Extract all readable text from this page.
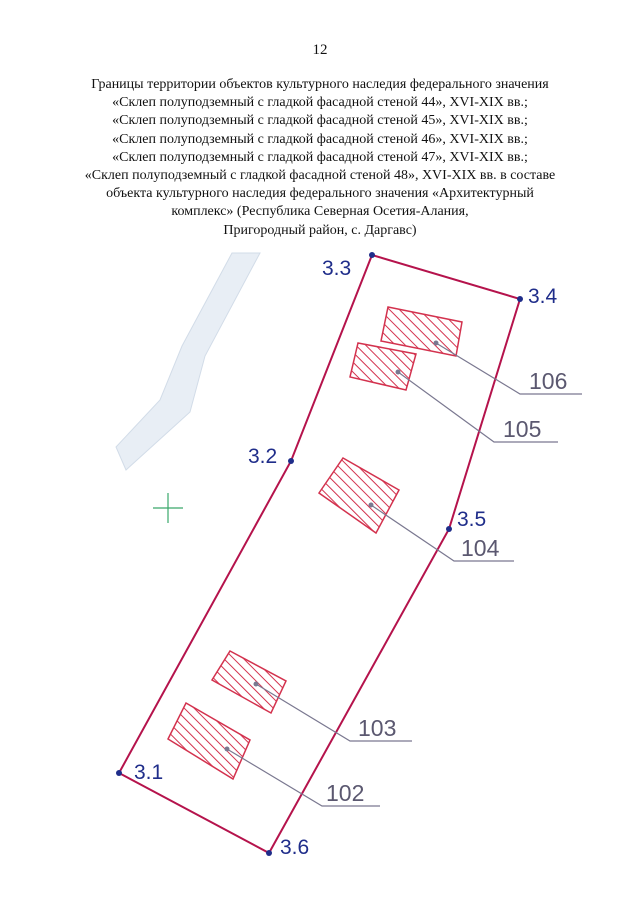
12
Границы территории объектов культурного наследия федерального значения
«Склеп полуподземный с гладкой фасадной стеной 44», XVI-XIX вв.;
«Склеп полуподземный с гладкой фасадной стеной 45», XVI-XIX вв.;
«Склеп полуподземный с гладкой фасадной стеной 46», XVI-XIX вв.;
«Склеп полуподземный с гладкой фасадной стеной 47», XVI-XIX вв.;
«Склеп полуподземный с гладкой фасадной стеной 48», XVI-XIX вв. в составе
объекта культурного наследия федерального значения «Архитектурный
комплекс» (Республика Северная Осетия-Алания,
Пригородный район, с. Даргавс)
3.1
3.2
3.3
3.4
3.5
3.6
106
105
104
103
102
